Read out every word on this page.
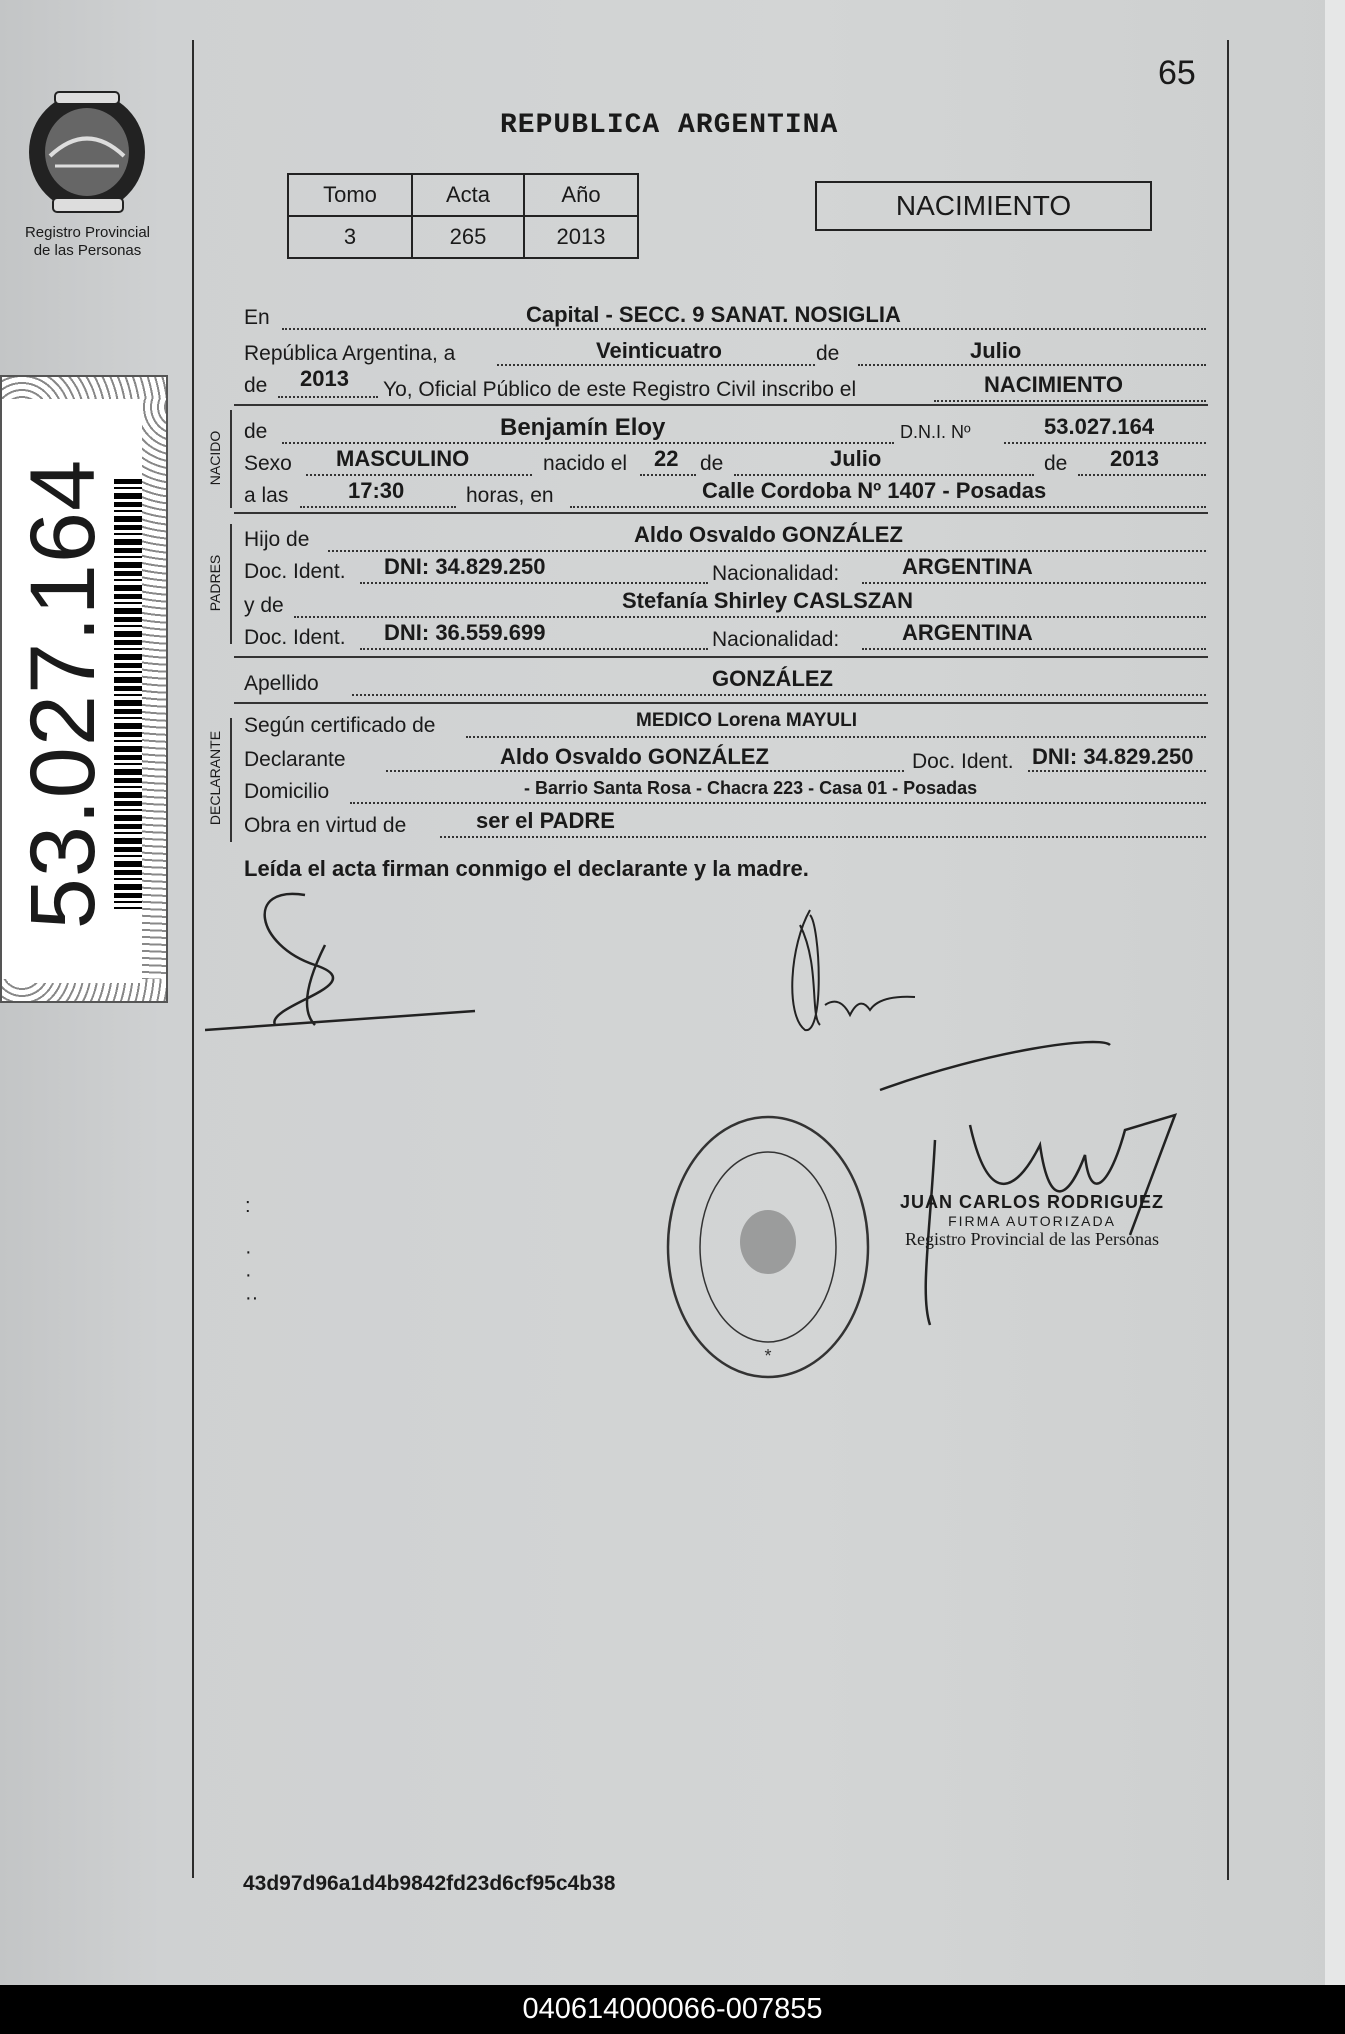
Registro Provincial
de las Personas
53.027.164
65
REPUBLICA ARGENTINA
Tomo	Acta	Año
3	265	2013
NACIMIENTO
En	Capital - SECC. 9 SANAT. NOSIGLIA
República Argentina, a	Veinticuatro	de	Julio
de 2013 Yo, Oficial Público de este Registro Civil inscribo el	NACIMIENTO
NACIDO de	Benjamín Eloy	D.N.I. Nº	53.027.164
Sexo MASCULINO	nacido el 22 de	Julio	de 2013
a las	17:30	horas, en	Calle Cordoba Nº 1407 - Posadas
PADRES
Hijo de	Aldo Osvaldo GONZÁLEZ
Doc. Ident. DNI: 34.829.250	Nacionalidad:	ARGENTINA
y de	Stefanía Shirley CASLSZAN
Doc. Ident. DNI: 36.559.699	Nacionalidad:	ARGENTINA
Apellido	GONZÁLEZ
DECLARANTE
Según certificado de	MEDICO Lorena MAYULI
Declarante	Aldo Osvaldo GONZÁLEZ	Doc. Ident. DNI: 34.829.250
Domicilio	- Barrio Santa Rosa - Chacra 223 - Casa 01 - Posadas
Obra en virtud de	ser el PADRE
Leída el acta firman conmigo el declarante y la madre.
*
JUAN CARLOS RODRIGUEZ
FIRMA AUTORIZADA
Registro Provincial de las Personas
:

·
·
··
43d97d96a1d4b9842fd23d6cf95c4b38
040614000066-007855
